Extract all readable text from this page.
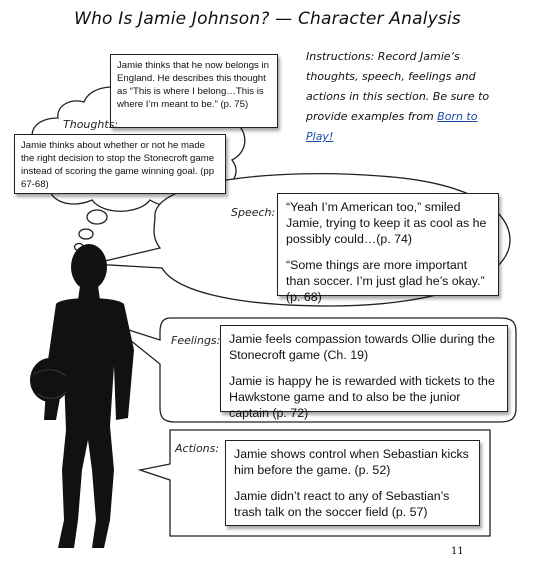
Who Is Jamie Johnson? — Character Analysis
Instructions: Record Jamie’s thoughts, speech, feelings and actions in this section. Be sure to provide examples from Born to Play!

Jamie thinks that he now belongs in England. He describes this thought as “This is where I belong…This is where I’m meant to be.” (p. 75)

Thoughts:

Jamie thinks about whether or not he made the right decision to stop the Stonecroft game instead of scoring the game winning goal. (pp 67-68)

Speech: “Yeah I’m American too,” smiled Jamie, trying to keep it as cool as he possibly could…(p. 74)

“Some things are more important than soccer. I’m just glad he’s okay.” (p. 68)

Feelings: Jamie feels compassion towards Ollie during the Stonecroft game (Ch. 19)

Jamie is happy he is rewarded with tickets to the Hawkstone game and to also be the junior captain (p. 72)

Actions: Jamie shows control when Sebastian kicks him before the game. (p. 52)

Jamie didn’t react to any of Sebastian’s trash talk on the soccer field (p. 57)

11
